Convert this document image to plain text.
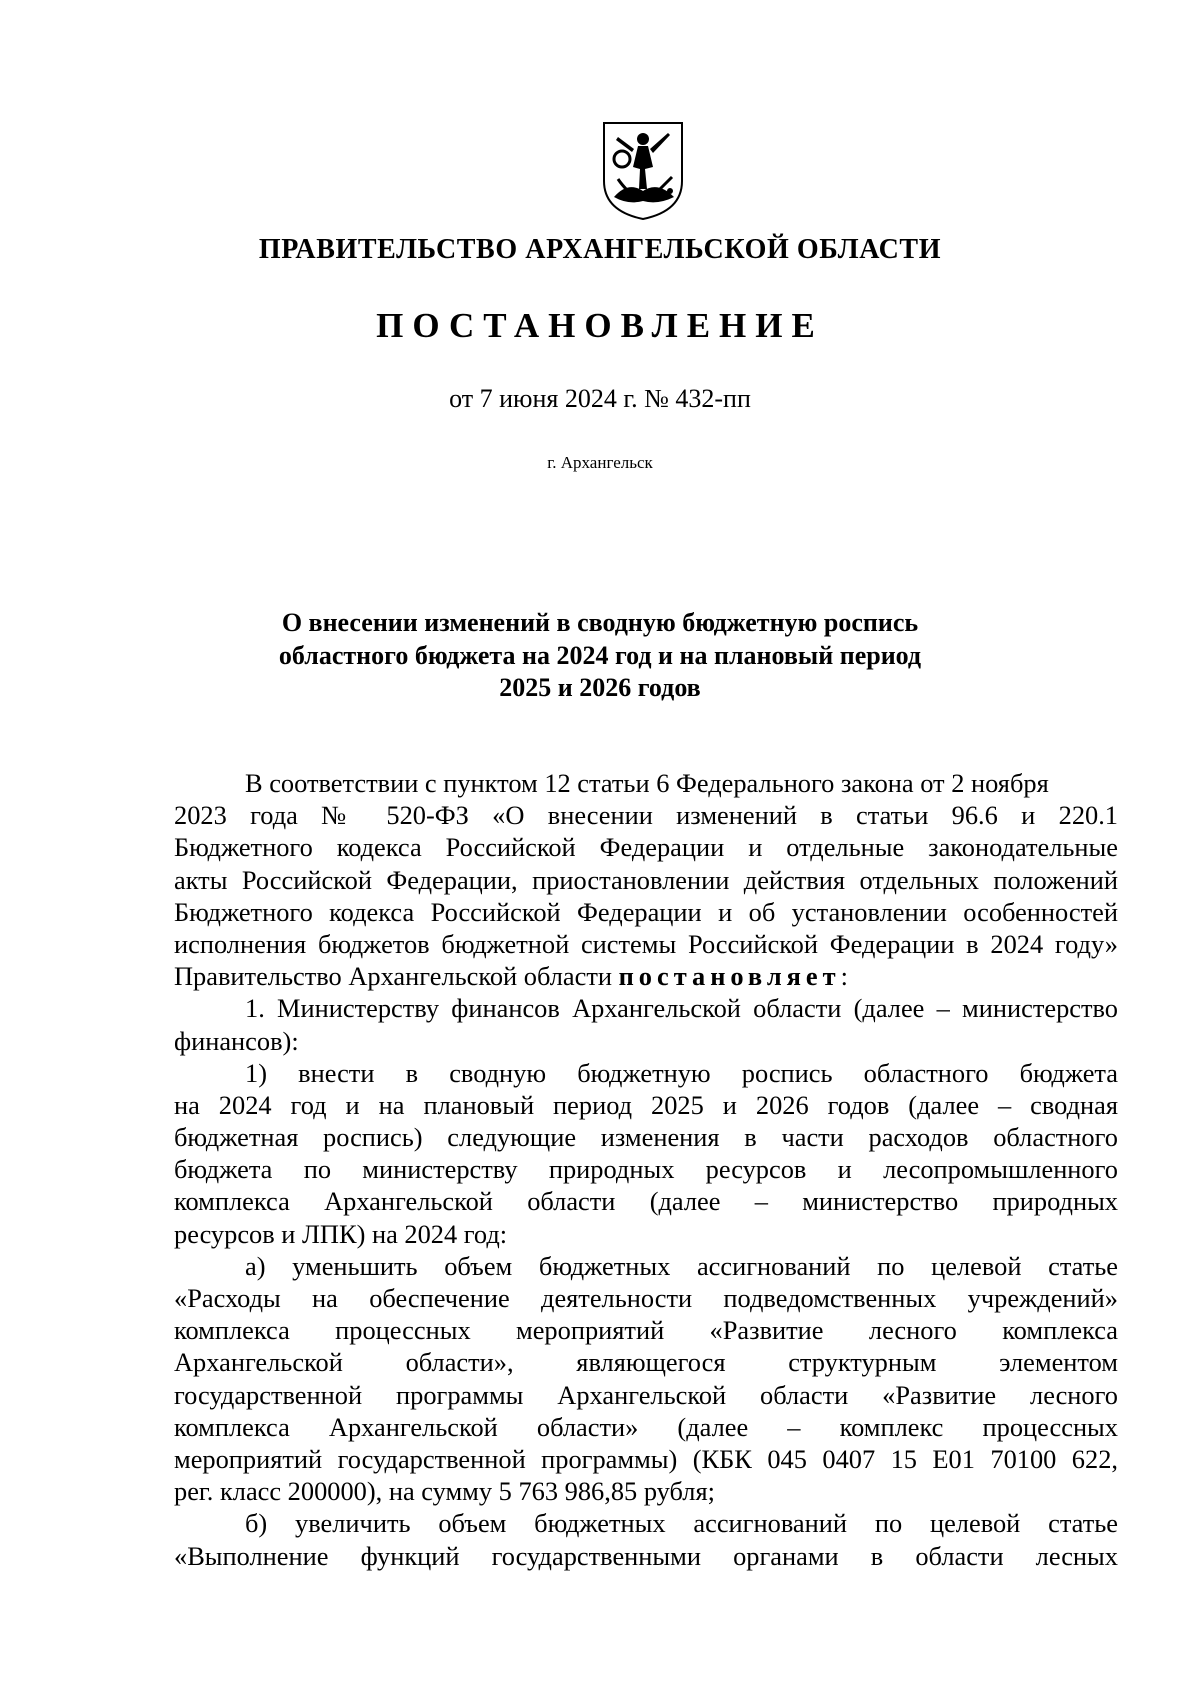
ПРАВИТЕЛЬСТВО АРХАНГЕЛЬСКОЙ ОБЛАСТИ
ПОСТАНОВЛЕНИЕ
от 7 июня 2024 г. № 432-пп
г. Архангельск
О внесении изменений в сводную бюджетную роспись
областного бюджета на 2024 год и на плановый период
2025 и 2026 годов
В соответствии с пунктом 12 статьи 6 Федерального закона от 2 ноября
2023 года № 520-ФЗ «О внесении изменений в статьи 96.6 и 220.1
Бюджетного кодекса Российской Федерации и отдельные законодательные
акты Российской Федерации, приостановлении действия отдельных положений
Бюджетного кодекса Российской Федерации и об установлении особенностей
исполнения бюджетов бюджетной системы Российской Федерации в 2024 году»
Правительство Архангельской области постановляет:
1. Министерству финансов Архангельской области (далее – министерство
финансов):
1) внести в сводную бюджетную роспись областного бюджета
на 2024 год и на плановый период 2025 и 2026 годов (далее – сводная
бюджетная роспись) следующие изменения в части расходов областного
бюджета по министерству природных ресурсов и лесопромышленного
комплекса Архангельской области (далее – министерство природных
ресурсов и ЛПК) на 2024 год:
а) уменьшить объем бюджетных ассигнований по целевой статье
«Расходы на обеспечение деятельности подведомственных учреждений»
комплекса процессных мероприятий «Развитие лесного комплекса
Архангельской области», являющегося структурным элементом
государственной программы Архангельской области «Развитие лесного
комплекса Архангельской области» (далее – комплекс процессных
мероприятий государственной программы) (КБК 045 0407 15 Е01 70100 622,
рег. класс 200000), на сумму 5 763 986,85 рубля;
б) увеличить объем бюджетных ассигнований по целевой статье
«Выполнение функций государственными органами в области лесных
